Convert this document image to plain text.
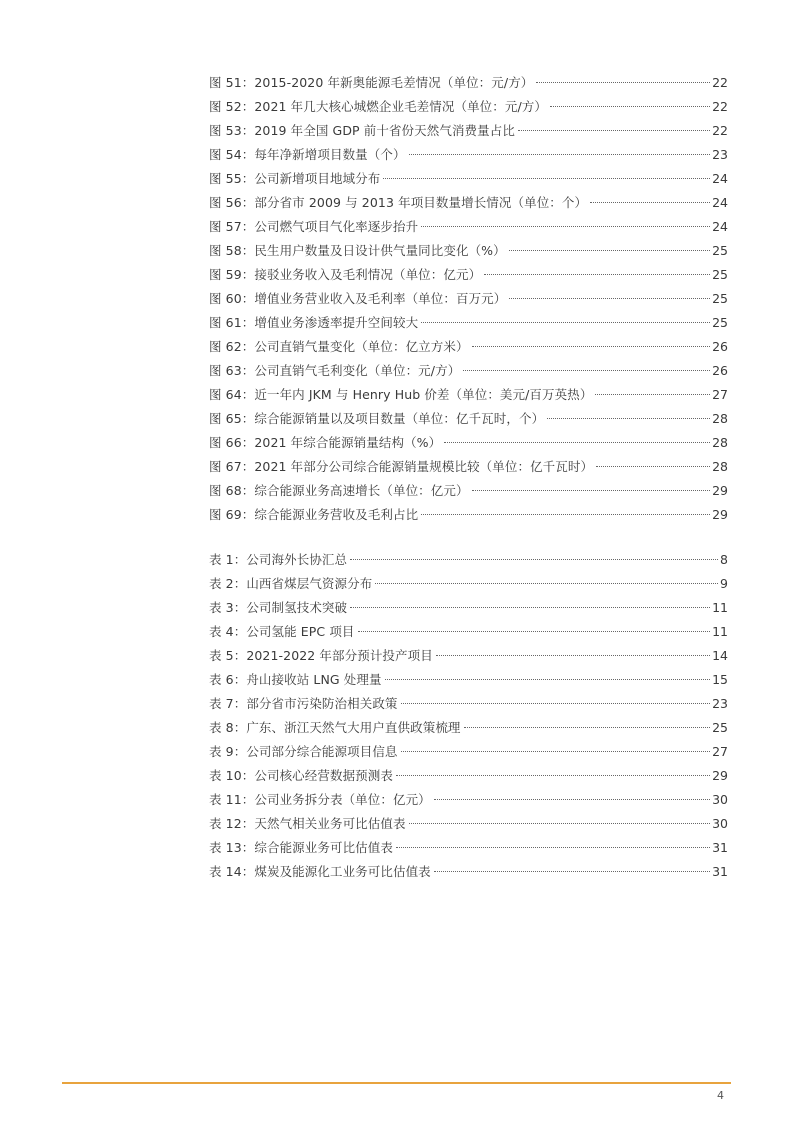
图 51：2015-2020 年新奥能源毛差情况（单位：元/方）	22
图 52：2021 年几大核心城燃企业毛差情况（单位：元/方）	22
图 53：2019 年全国 GDP 前十省份天然气消费量占比	22
图 54：每年净新增项目数量（个）	23
图 55：公司新增项目地域分布	24
图 56：部分省市 2009 与 2013 年项目数量增长情况（单位：个）	24
图 57：公司燃气项目气化率逐步抬升	24
图 58：民生用户数量及日设计供气量同比变化（%）	25
图 59：接驳业务收入及毛利情况（单位：亿元）	25
图 60：增值业务营业收入及毛利率（单位：百万元）	25
图 61：增值业务渗透率提升空间较大	25
图 62：公司直销气量变化（单位：亿立方米）	26
图 63：公司直销气毛利变化（单位：元/方）	26
图 64：近一年内 JKM 与 Henry Hub 价差（单位：美元/百万英热）	27
图 65：综合能源销量以及项目数量（单位：亿千瓦时，个）	28
图 66：2021 年综合能源销量结构（%）	28
图 67：2021 年部分公司综合能源销量规模比较（单位：亿千瓦时）	28
图 68：综合能源业务高速增长（单位：亿元）	29
图 69：综合能源业务营收及毛利占比	29
表 1：公司海外长协汇总	8
表 2：山西省煤层气资源分布	9
表 3：公司制氢技术突破	11
表 4：公司氢能 EPC 项目	11
表 5：2021-2022 年部分预计投产项目	14
表 6：舟山接收站 LNG 处理量	15
表 7：部分省市污染防治相关政策	23
表 8：广东、浙江天然气大用户直供政策梳理	25
表 9：公司部分综合能源项目信息	27
表 10：公司核心经营数据预测表	29
表 11：公司业务拆分表（单位：亿元）	30
表 12：天然气相关业务可比估值表	30
表 13：综合能源业务可比估值表	31
表 14：煤炭及能源化工业务可比估值表	31
4
